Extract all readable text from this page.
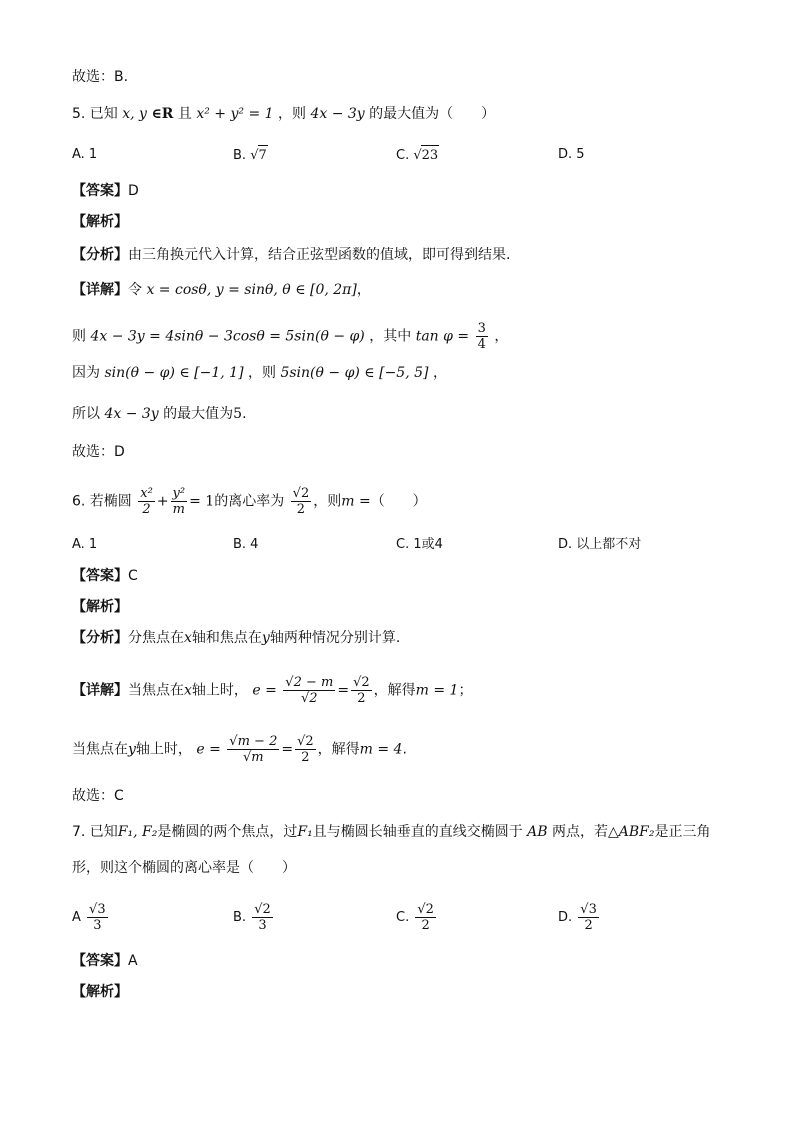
故选：B.
5. 已知 x, y ∈R 且 x² + y² = 1 ，则 4x − 3y 的最大值为（　　）
A. 1	B. √7	C. √23	D. 5
【答案】D
【解析】
【分析】由三角换元代入计算，结合正弦型函数的值域，即可得到结果.
【详解】令 x = cosθ, y = sinθ, θ ∈ [0, 2π]，
则 4x − 3y = 4sinθ − 3cosθ = 5sin(θ − φ) ，其中 $\tan \varphi = \frac{3}{4}$ ，
因为 sin(θ − φ) ∈ [−1, 1] ，则 5sin(θ − φ) ∈ [−5, 5] ，
所以 4x − 3y 的最大值为5.
故选：D
6. 若椭圆 $\frac{\text{x²}}{2} + \frac{\text{y²}}{m} = 1$的离心率为 $\frac{√2}{2}$ ，则m =（　　）
A. 1	B. 4	C. 1或4	D. 以上都不对
【答案】C
【解析】
【分析】分焦点在x轴和焦点在y轴两种情况分别计算.
【详解】当焦点在x轴上时， $e = \frac{√2 - m}{√2} = \frac{√2}{2}$ ，解得m = 1；
当焦点在y轴上时， $e = \frac{√m - 2}{√m} = \frac{√2}{2}$ ，解得m = 4.
故选：C
7. 已知F₁, F₂是椭圆的两个焦点，过F₁且与椭圆长轴垂直的直线交椭圆于 AB 两点，若△ABF₂是正三角
形，则这个椭圆的离心率是（　　）
A $\frac{√3}{3}$	B. $\frac{√2}{3}$	C. $\frac{√2}{2}$	D. $\frac{√3}{2}$
【答案】A
【解析】
